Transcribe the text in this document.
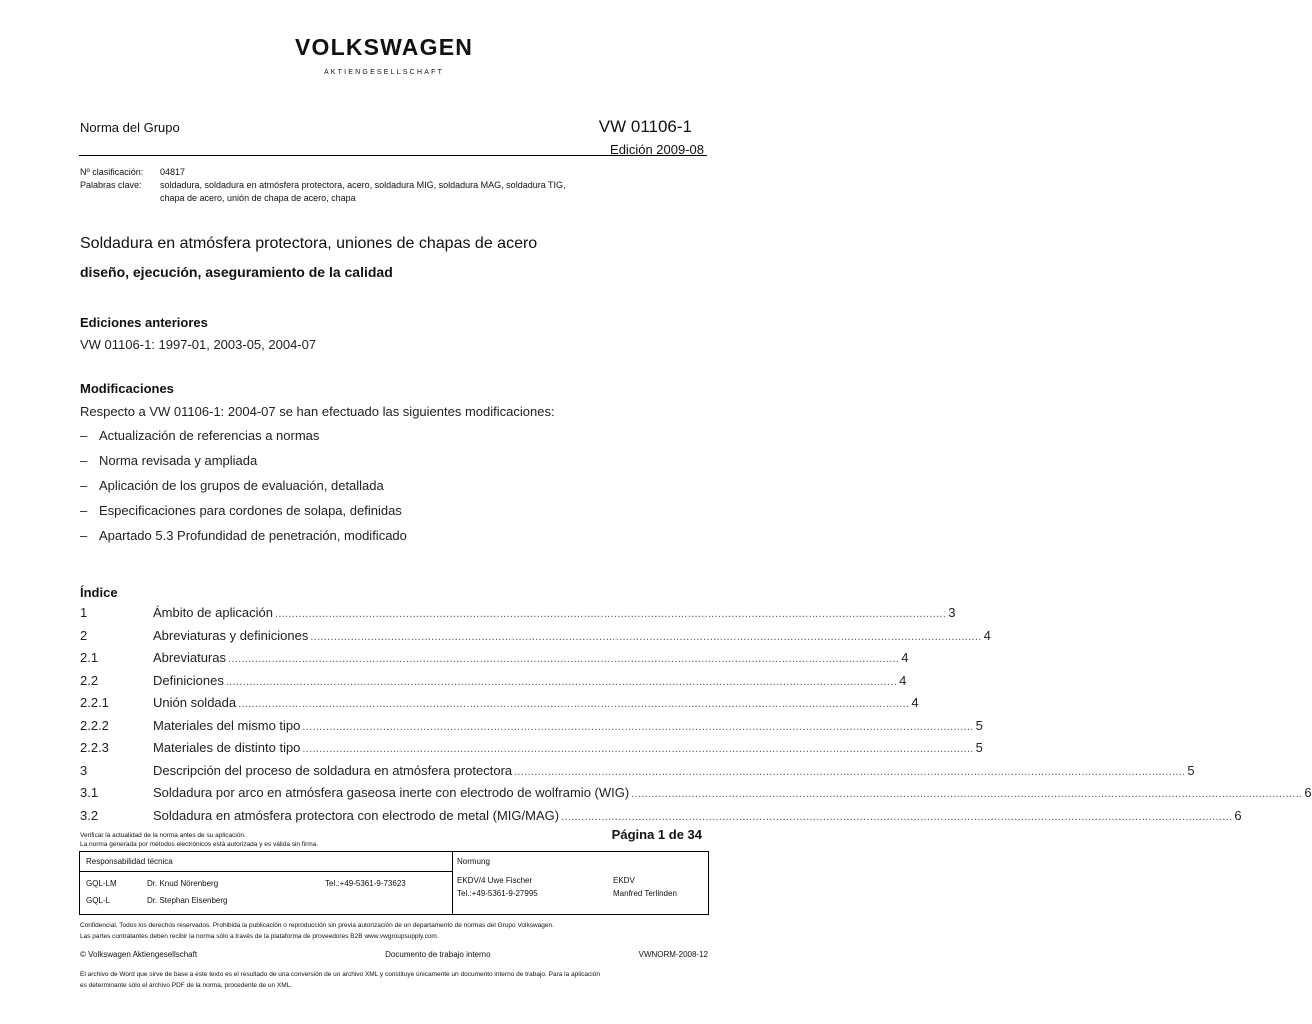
VOLKSWAGEN
AKTIENGESELLSCHAFT
Norma del Grupo	VW 01106-1
Edición 2009-08
Nº clasificación: 04817
Palabras clave: soldadura, soldadura en atmósfera protectora, acero, soldadura MIG, soldadura MAG, soldadura TIG,
chapa de acero, unión de chapa de acero, chapa
Soldadura en atmósfera protectora, uniones de chapas de acero
diseño, ejecución, aseguramiento de la calidad
Ediciones anteriores
VW 01106-1: 1997-01, 2003-05, 2004-07
Modificaciones
Respecto a VW 01106-1: 2004-07 se han efectuado las siguientes modificaciones:
– Actualización de referencias a normas
– Norma revisada y ampliada
– Aplicación de los grupos de evaluación, detallada
– Especificaciones para cordones de solapa, definidas
– Apartado 5.3 Profundidad de penetración, modificado
Índice
1	Ámbito de aplicación ........................................................................................................................................................................................................ 3
2	Abreviaturas y definiciones ........................................................................................................................................................................................................ 4
2.1	Abreviaturas ........................................................................................................................................................................................................ 4
2.2	Definiciones ........................................................................................................................................................................................................ 4
2.2.1	Unión soldada ........................................................................................................................................................................................................ 4
2.2.2	Materiales del mismo tipo ........................................................................................................................................................................................................ 5
2.2.3	Materiales de distinto tipo ........................................................................................................................................................................................................ 5
3	Descripción del proceso de soldadura en atmósfera protectora ........................................................................................................................................................................................................ 5
3.1	Soldadura por arco en atmósfera gaseosa inerte con electrodo de wolframio (WIG) ........................................................................................................................................................................................................ 6
3.2	Soldadura en atmósfera protectora con electrodo de metal (MIG/MAG) ........................................................................................................................................................................................................ 6
Verificar la actualidad de la norma antes de su aplicación.
La norma generada por métodos electrónicos está autorizada y es válida sin firma.
Página 1 de 34
Responsabilidad técnica
GQL-LM	Dr. Knud Nörenberg	Tel.:+49-5361-9-73623
GQL-L	Dr. Stephan Eisenberg
Normung
EKDV/4 Uwe Fischer
Tel.:+49-5361-9-27995
EKDV
Manfred Terlinden
Confidencial. Todos los derechos reservados. Prohibida la publicación o reproducción sin previa autorización de un departamento de normas del Grupo Volkswagen.
Las partes contratantes deben recibir la norma sólo a través de la plataforma de proveedores B2B www.vwgroupsupply.com.
© Volkswagen Aktiengesellschaft	Documento de trabajo interno	VWNORM-2008-12
El archivo de Word que sirve de base a este texto es el resultado de una conversión de un archivo XML y constituye únicamente un documento interno de trabajo. Para la aplicación
es determinante sólo el archivo PDF de la norma, procedente de un XML.
